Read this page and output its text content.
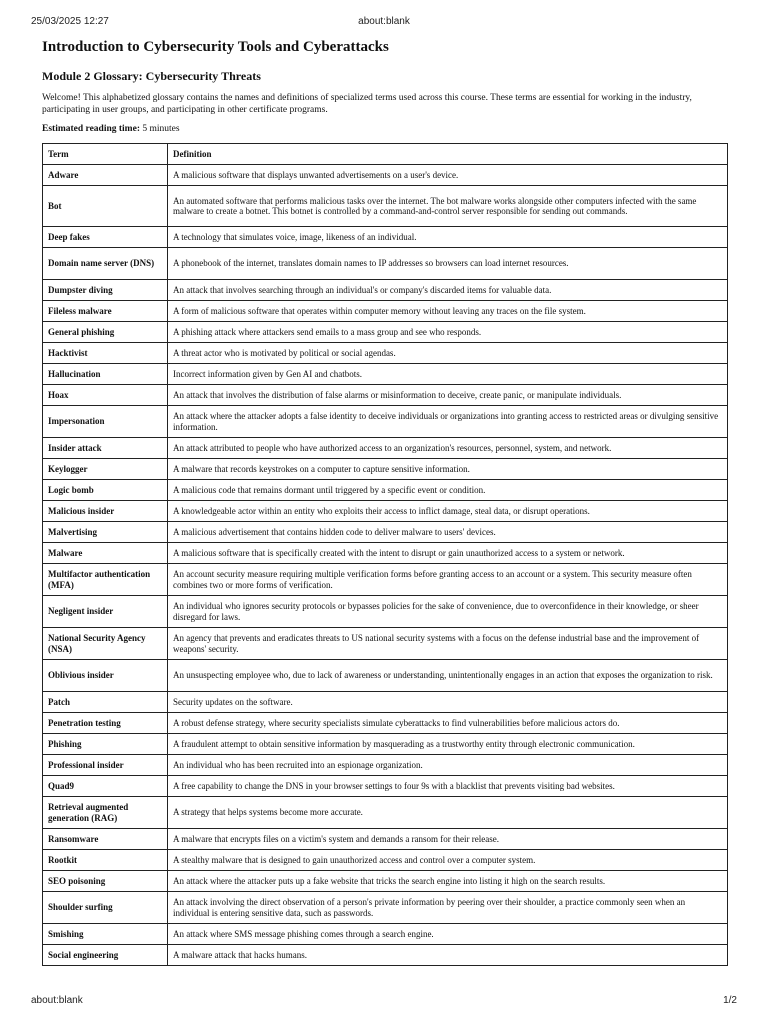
25/03/2025 12:27	about:blank
Introduction to Cybersecurity Tools and Cyberattacks
Module 2 Glossary: Cybersecurity Threats

Welcome! This alphabetized glossary contains the names and definitions of specialized terms used across this course. These terms are essential for working in the industry, participating in user groups, and participating in other certificate programs.

Estimated reading time: 5 minutes

Term	Definition
Adware	A malicious software that displays unwanted advertisements on a user's device.
Bot	An automated software that performs malicious tasks over the internet. The bot malware works alongside other computers infected with the same malware to create a botnet. This botnet is controlled by a command-and-control server responsible for sending out commands.
Deep fakes	A technology that simulates voice, image, likeness of an individual.
Domain name server (DNS)	A phonebook of the internet, translates domain names to IP addresses so browsers can load internet resources.
Dumpster diving	An attack that involves searching through an individual's or company's discarded items for valuable data.
Fileless malware	A form of malicious software that operates within computer memory without leaving any traces on the file system.
General phishing	A phishing attack where attackers send emails to a mass group and see who responds.
Hacktivist	A threat actor who is motivated by political or social agendas.
Hallucination	Incorrect information given by Gen AI and chatbots.
Hoax	An attack that involves the distribution of false alarms or misinformation to deceive, create panic, or manipulate individuals.
Impersonation	An attack where the attacker adopts a false identity to deceive individuals or organizations into granting access to restricted areas or divulging sensitive information.
Insider attack	An attack attributed to people who have authorized access to an organization's resources, personnel, system, and network.
Keylogger	A malware that records keystrokes on a computer to capture sensitive information.
Logic bomb	A malicious code that remains dormant until triggered by a specific event or condition.
Malicious insider	A knowledgeable actor within an entity who exploits their access to inflict damage, steal data, or disrupt operations.
Malvertising	A malicious advertisement that contains hidden code to deliver malware to users' devices.
Malware	A malicious software that is specifically created with the intent to disrupt or gain unauthorized access to a system or network.
Multifactor authentication (MFA)	An account security measure requiring multiple verification forms before granting access to an account or a system. This security measure often combines two or more forms of verification.
Negligent insider	An individual who ignores security protocols or bypasses policies for the sake of convenience, due to overconfidence in their knowledge, or sheer disregard for laws.
National Security Agency (NSA)	An agency that prevents and eradicates threats to US national security systems with a focus on the defense industrial base and the improvement of weapons' security.
Oblivious insider	An unsuspecting employee who, due to lack of awareness or understanding, unintentionally engages in an action that exposes the organization to risk.
Patch	Security updates on the software.
Penetration testing	A robust defense strategy, where security specialists simulate cyberattacks to find vulnerabilities before malicious actors do.
Phishing	A fraudulent attempt to obtain sensitive information by masquerading as a trustworthy entity through electronic communication.
Professional insider	An individual who has been recruited into an espionage organization.
Quad9	A free capability to change the DNS in your browser settings to four 9s with a blacklist that prevents visiting bad websites.
Retrieval augmented generation (RAG)	A strategy that helps systems become more accurate.
Ransomware	A malware that encrypts files on a victim's system and demands a ransom for their release.
Rootkit	A stealthy malware that is designed to gain unauthorized access and control over a computer system.
SEO poisoning	An attack where the attacker puts up a fake website that tricks the search engine into listing it high on the search results.
Shoulder surfing	An attack involving the direct observation of a person's private information by peering over their shoulder, a practice commonly seen when an individual is entering sensitive data, such as passwords.
Smishing	An attack where SMS message phishing comes through a search engine.
Social engineering	A malware attack that hacks humans.
about:blank	1/2
